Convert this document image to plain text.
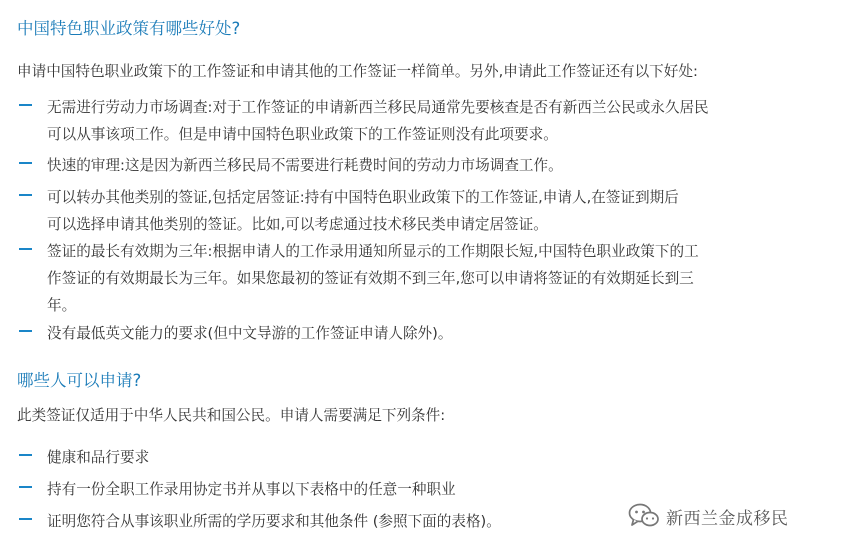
中国特色职业政策有哪些好处?
申请中国特色职业政策下的工作签证和申请其他的工作签证一样简单。另外,申请此工作签证还有以下好处:
无需进行劳动力市场调查:对于工作签证的申请新西兰移民局通常先要核查是否有新西兰公民或永久居民
可以从事该项工作。但是申请中国特色职业政策下的工作签证则没有此项要求。
快速的审理:这是因为新西兰移民局不需要进行耗费时间的劳动力市场调查工作。
可以转办其他类别的签证,包括定居签证:持有中国特色职业政策下的工作签证,申请人,在签证到期后
可以选择申请其他类别的签证。比如,可以考虑通过技术移民类申请定居签证。
签证的最长有效期为三年:根据申请人的工作录用通知所显示的工作期限长短,中国特色职业政策下的工
作签证的有效期最长为三年。如果您最初的签证有效期不到三年,您可以申请将签证的有效期延长到三
年。
没有最低英文能力的要求(但中文导游的工作签证申请人除外)。
哪些人可以申请?
此类签证仅适用于中华人民共和国公民。申请人需要满足下列条件:
健康和品行要求
持有一份全职工作录用协定书并从事以下表格中的任意一种职业
证明您符合从事该职业所需的学历要求和其他条件 (参照下面的表格)。	新西兰金成移民
